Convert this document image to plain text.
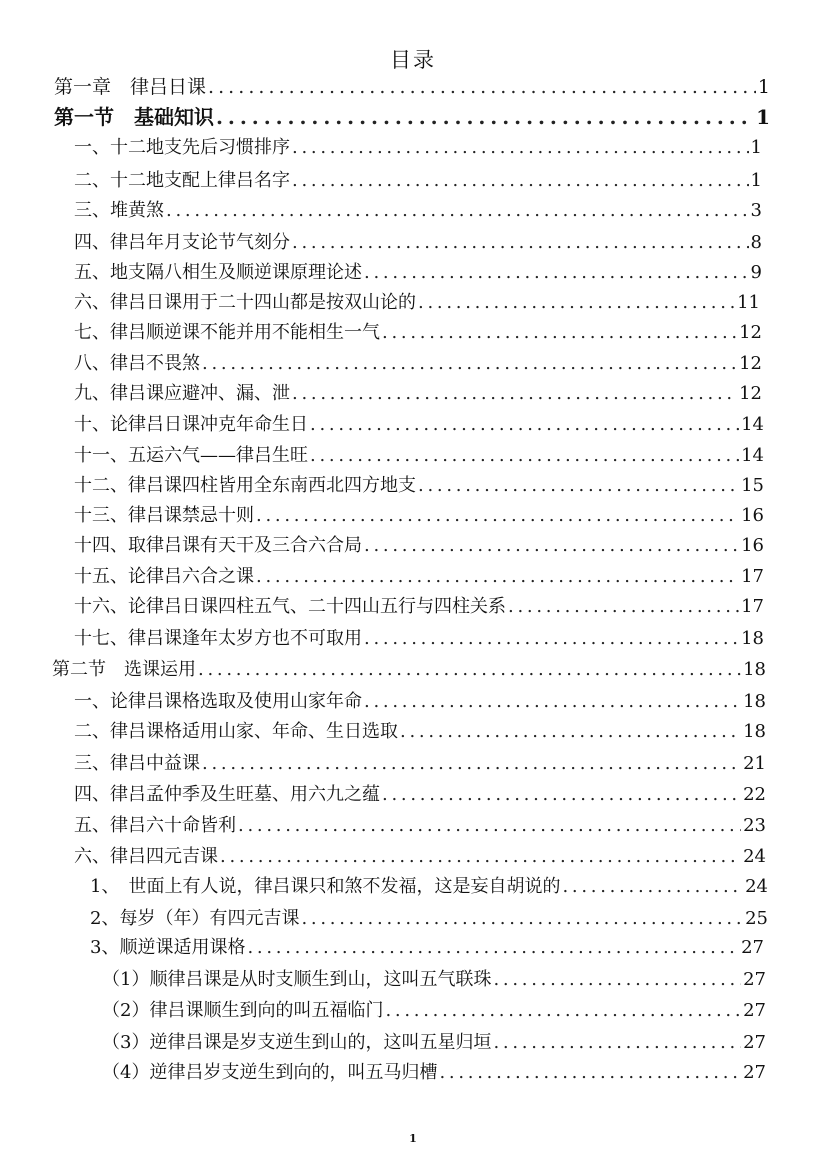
目录
第一章　律吕日课 . . .	1
第一节　基础知识 . . .	1
一、十二地支先后习惯排序 . . .	1
二、十二地支配上律吕名字 . . .	1
三、堆黄煞 . . .	3
四、律吕年月支论节气刻分 . . .	8
五、地支隔八相生及顺逆课原理论述 . . .	9
六、律吕日课用于二十四山都是按双山论的 . . .	11
七、律吕顺逆课不能并用不能相生一气 . . .	12
八、律吕不畏煞 . . .	12
九、律吕课应避冲、漏、泄 . . .	12
十、论律吕日课冲克年命生日 . . .	14
十一、五运六气——律吕生旺 . . .	14
十二、律吕课四柱皆用全东南西北四方地支 . . .	15
十三、律吕课禁忌十则 . . .	16
十四、取律吕课有天干及三合六合局 . . .	16
十五、论律吕六合之课 . . .	17
十六、论律吕日课四柱五气、二十四山五行与四柱关系 . . .	17
十七、律吕课逢年太岁方也不可取用 . . .	18
第二节　选课运用 . . .	18
一、论律吕课格选取及使用山家年命 . . .	18
二、律吕课格适用山家、年命、生日选取 . . .	18
三、律吕中益课 . . .	21
四、律吕孟仲季及生旺墓、用六九之蕴 . . .	22
五、律吕六十命皆利 . . .	23
六、律吕四元吉课 . . .	24
1、　世面上有人说，律吕课只和煞不发福，这是妄自胡说的 . . .	24
2、每岁（年）有四元吉课 . . .	25
3、顺逆课适用课格 . . .	27
（1）顺律吕课是从时支顺生到山，这叫五气联珠 . . .	27
（2）律吕课顺生到向的叫五福临门 . . .	27
（3）逆律吕课是岁支逆生到山的，这叫五星归垣 . . .	27
（4）逆律吕岁支逆生到向的，叫五马归槽 . . .	27
1
